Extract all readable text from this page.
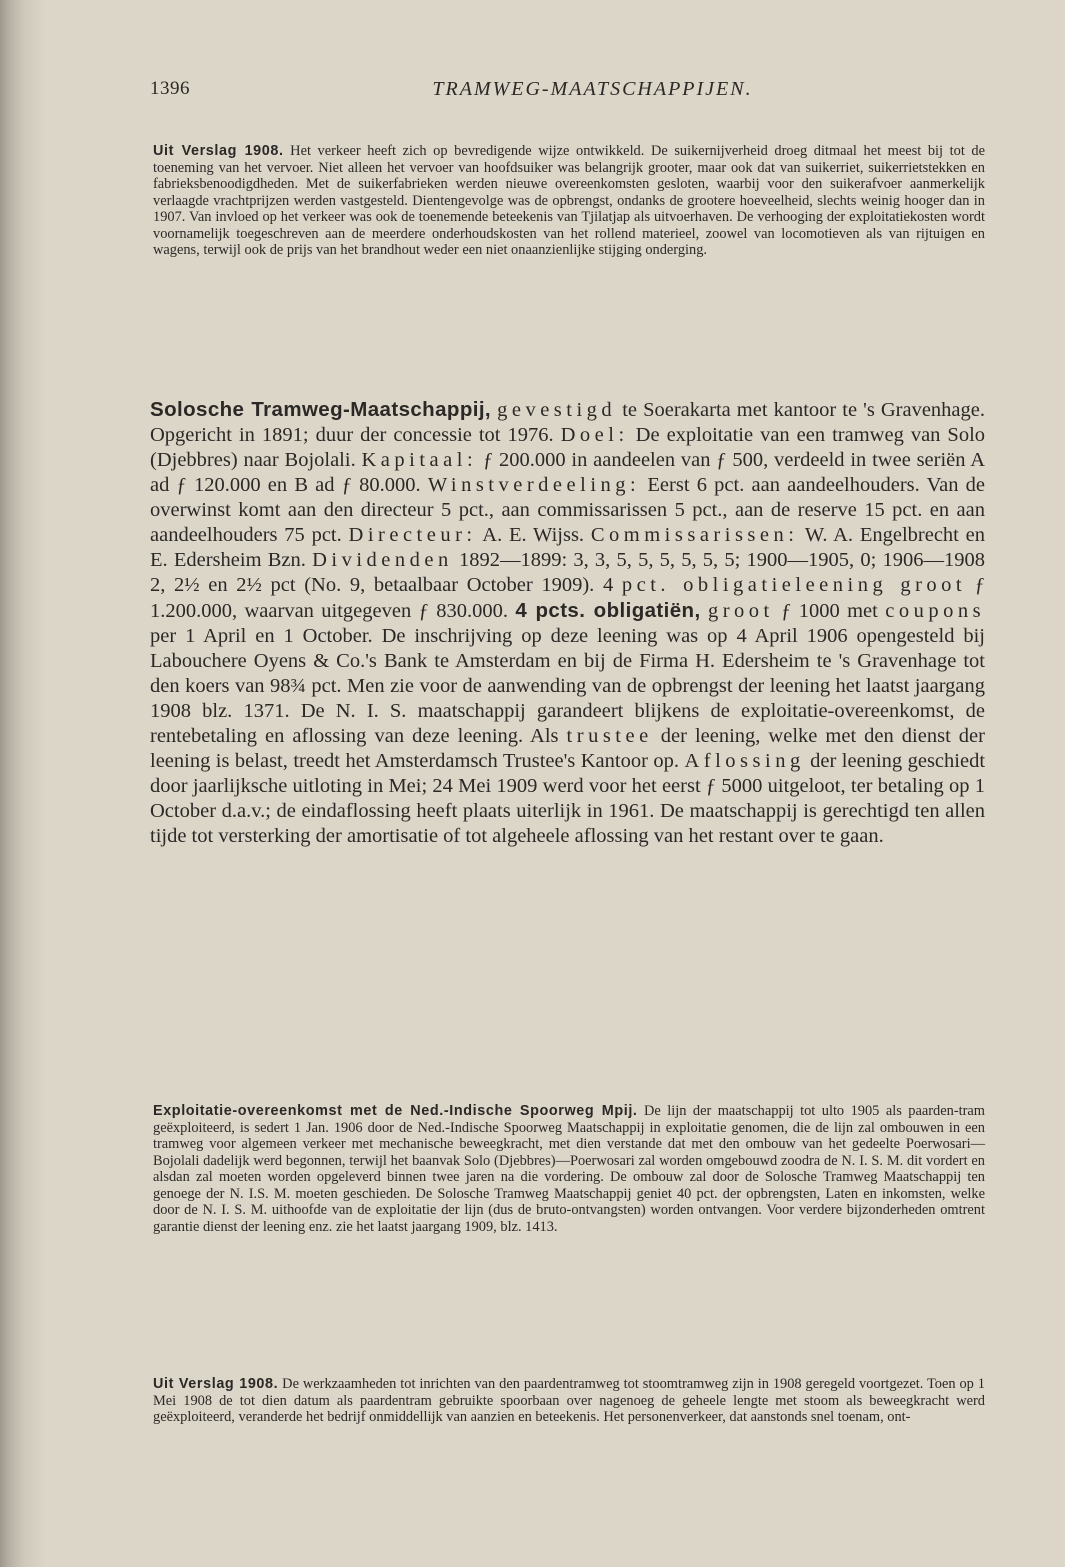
1396	TRAMWEG-MAATSCHAPPIJEN.

Uit Verslag 1908. Het verkeer heeft zich op bevredigende wijze ontwikkeld. De suikernijverheid droeg ditmaal het meest bij tot de toeneming van het vervoer. Niet alleen het vervoer van hoofdsuiker was belangrijk grooter, maar ook dat van suikerriet, suikerrietstekken en fabrieksbenoodigdheden. Met de suikerfabrieken werden nieuwe overeenkomsten gesloten, waarbij voor den suikerafvoer aanmerkelijk verlaagde vrachtprijzen werden vastgesteld. Dientengevolge was de opbrengst, ondanks de grootere hoeveelheid, slechts weinig hooger dan in 1907. Van invloed op het verkeer was ook de toenemende beteekenis van Tjilatjap als uitvoerhaven. De verhooging der exploitatiekosten wordt voornamelijk toegeschreven aan de meerdere onderhoudskosten van het rollend materieel, zoowel van locomotieven als van rijtuigen en wagens, terwijl ook de prijs van het brandhout weder een niet onaanzienlijke stijging onderging.

Solosche Tramweg-Maatschappij, gevestigd te Soerakarta met kantoor te 's Gravenhage. Opgericht in 1891; duur der concessie tot 1976. Doel: De exploitatie van een tramweg van Solo (Djebbres) naar Bojolali. Kapitaal: ƒ 200.000 in aandeelen van ƒ 500, verdeeld in twee seriën A ad ƒ 120.000 en B ad ƒ 80.000. Winstverdeeling: Eerst 6 pct. aan aandeelhouders. Van de overwinst komt aan den directeur 5 pct., aan commissarissen 5 pct., aan de reserve 15 pct. en aan aandeelhouders 75 pct. Directeur: A. E. Wijss. Commissarissen: W. A. Engelbrecht en E. Edersheim Bzn. Dividenden 1892—1899: 3, 3, 5, 5, 5, 5, 5, 5; 1900—1905, 0; 1906—1908 2, 2½ en 2½ pct (No. 9, betaalbaar October 1909). 4 pct. obligatieleening groot ƒ 1.200.000, waarvan uitgegeven ƒ 830.000. 4 pcts. obligatiën, groot ƒ 1000 met coupons per 1 April en 1 October. De inschrijving op deze leening was op 4 April 1906 opengesteld bij Labouchere Oyens & Co.'s Bank te Amsterdam en bij de Firma H. Edersheim te 's Gravenhage tot den koers van 98¾ pct. Men zie voor de aanwending van de opbrengst der leening het laatst jaargang 1908 blz. 1371. De N. I. S. maatschappij garandeert blijkens de exploitatie-overeenkomst, de rentebetaling en aflossing van deze leening. Als trustee der leening, welke met den dienst der leening is belast, treedt het Amsterdamsch Trustee's Kantoor op. Aflossing der leening geschiedt door jaarlijksche uitloting in Mei; 24 Mei 1909 werd voor het eerst ƒ 5000 uitgeloot, ter betaling op 1 October d.a.v.; de eindaflossing heeft plaats uiterlijk in 1961. De maatschappij is gerechtigd ten allen tijde tot versterking der amortisatie of tot algeheele aflossing van het restant over te gaan.

Exploitatie-overeenkomst met de Ned.-Indische Spoorweg Mpij. De lijn der maatschappij tot ulto 1905 als paarden-tram geëxploiteerd, is sedert 1 Jan. 1906 door de Ned.-Indische Spoorweg Maatschappij in exploitatie genomen, die de lijn zal ombouwen in een tramweg voor algemeen verkeer met mechanische beweegkracht, met dien verstande dat met den ombouw van het gedeelte Poerwosari—Bojolali dadelijk werd begonnen, terwijl het baanvak Solo (Djebbres)—Poerwosari zal worden omgebouwd zoodra de N. I. S. M. dit vordert en alsdan zal moeten worden opgeleverd binnen twee jaren na die vordering. De ombouw zal door de Solosche Tramweg Maatschappij ten genoege der N. I.S. M. moeten geschieden. De Solosche Tramweg Maatschappij geniet 40 pct. der opbrengsten, Laten en inkomsten, welke door de N. I. S. M. uithoofde van de exploitatie der lijn (dus de bruto-ontvangsten) worden ontvangen. Voor verdere bijzonderheden omtrent garantie dienst der leening enz. zie het laatst jaargang 1909, blz. 1413.

Uit Verslag 1908. De werkzaamheden tot inrichten van den paardentramweg tot stoomtramweg zijn in 1908 geregeld voortgezet. Toen op 1 Mei 1908 de tot dien datum als paardentram gebruikte spoorbaan over nagenoeg de geheele lengte met stoom als beweegkracht werd geëxploiteerd, veranderde het bedrijf onmiddellijk van aanzien en beteekenis. Het personenverkeer, dat aanstonds snel toenam, ont-
